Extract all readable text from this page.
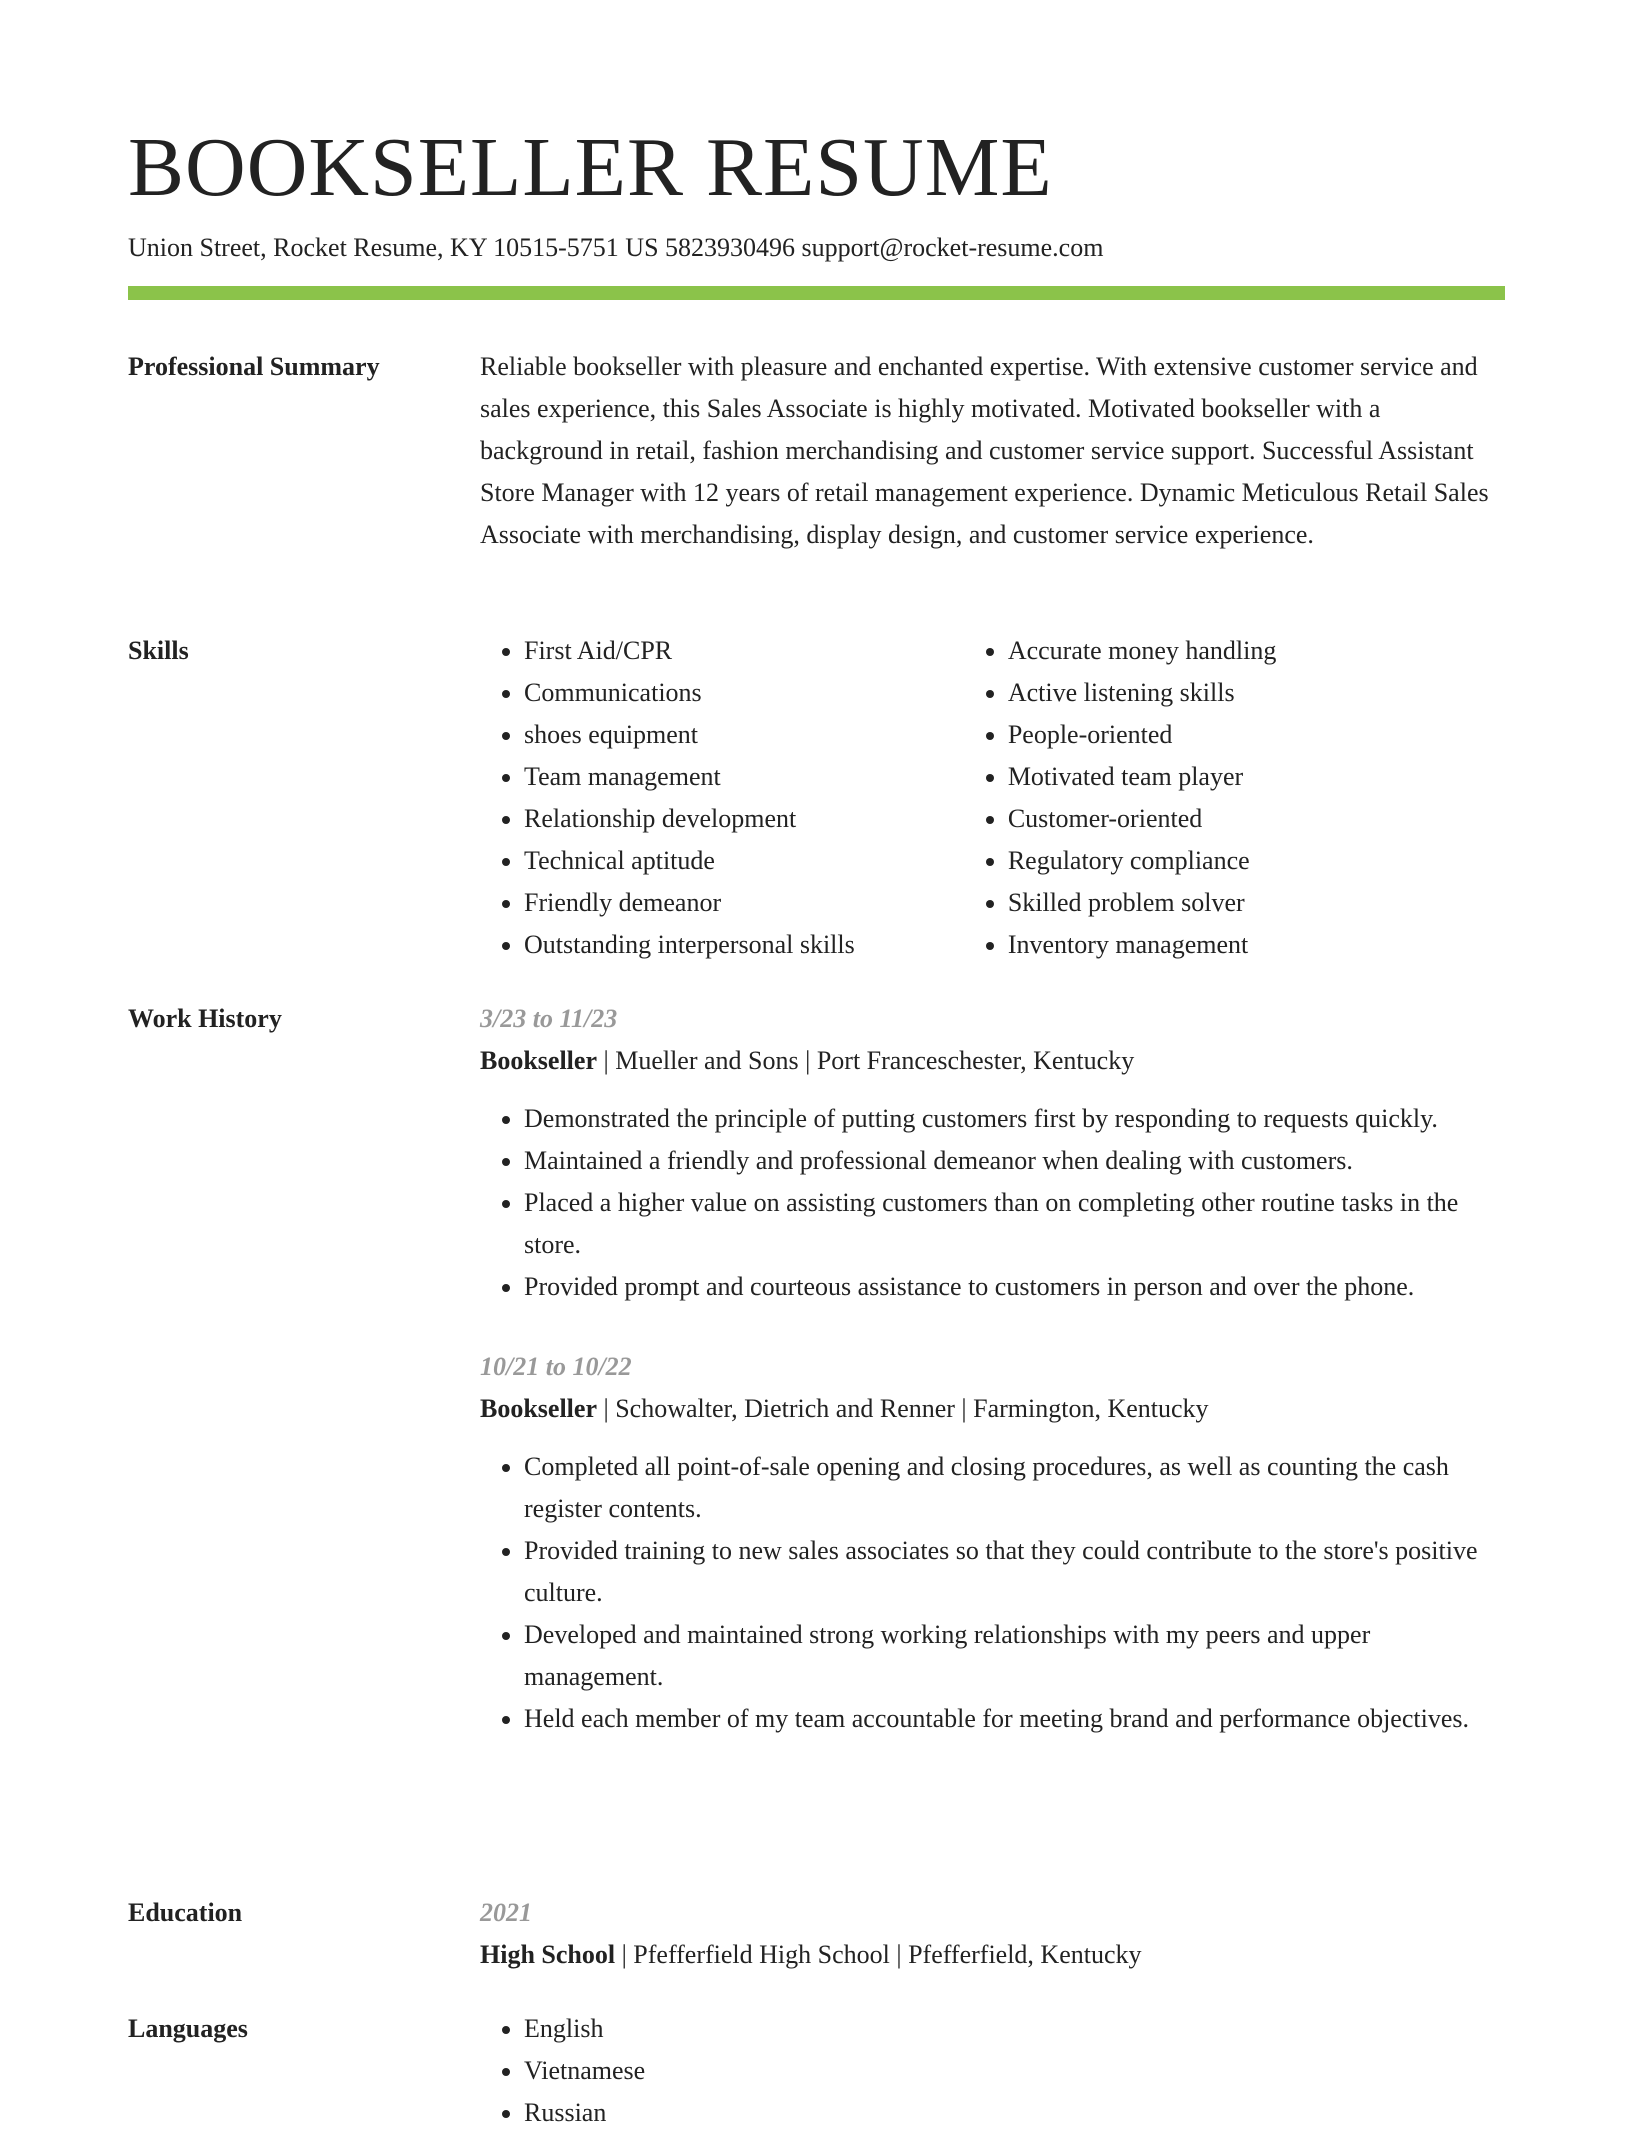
BOOKSELLER RESUME
Union Street, Rocket Resume, KY 10515-5751 US 5823930496 support@rocket-resume.com
Professional Summary	Reliable bookseller with pleasure and enchanted expertise. With extensive customer service and sales experience, this Sales Associate is highly motivated. Motivated bookseller with a background in retail, fashion merchandising and customer service support. Successful Assistant Store Manager with 12 years of retail management experience. Dynamic Meticulous Retail Sales Associate with merchandising, display design, and customer service experience.

Skills	• First Aid/CPR
• Communications
• shoes equipment
• Team management
• Relationship development
• Technical aptitude
• Friendly demeanor
• Outstanding interpersonal skills
• Accurate money handling
• Active listening skills
• People-oriented
• Motivated team player
• Customer-oriented
• Regulatory compliance
• Skilled problem solver
• Inventory management
Work History	3/23 to 11/23
Bookseller | Mueller and Sons | Port Franceschester, Kentucky
• Demonstrated the principle of putting customers first by responding to requests quickly.
• Maintained a friendly and professional demeanor when dealing with customers.
• Placed a higher value on assisting customers than on completing other routine tasks in the store.
• Provided prompt and courteous assistance to customers in person and over the phone.
10/21 to 10/22
Bookseller | Schowalter, Dietrich and Renner | Farmington, Kentucky
• Completed all point-of-sale opening and closing procedures, as well as counting the cash register contents.
• Provided training to new sales associates so that they could contribute to the store's positive culture.
• Developed and maintained strong working relationships with my peers and upper management.
• Held each member of my team accountable for meeting brand and performance objectives.
Education	2021
High School | Pfefferfield High School | Pfefferfield, Kentucky
Languages	• English
• Vietnamese
• Russian
